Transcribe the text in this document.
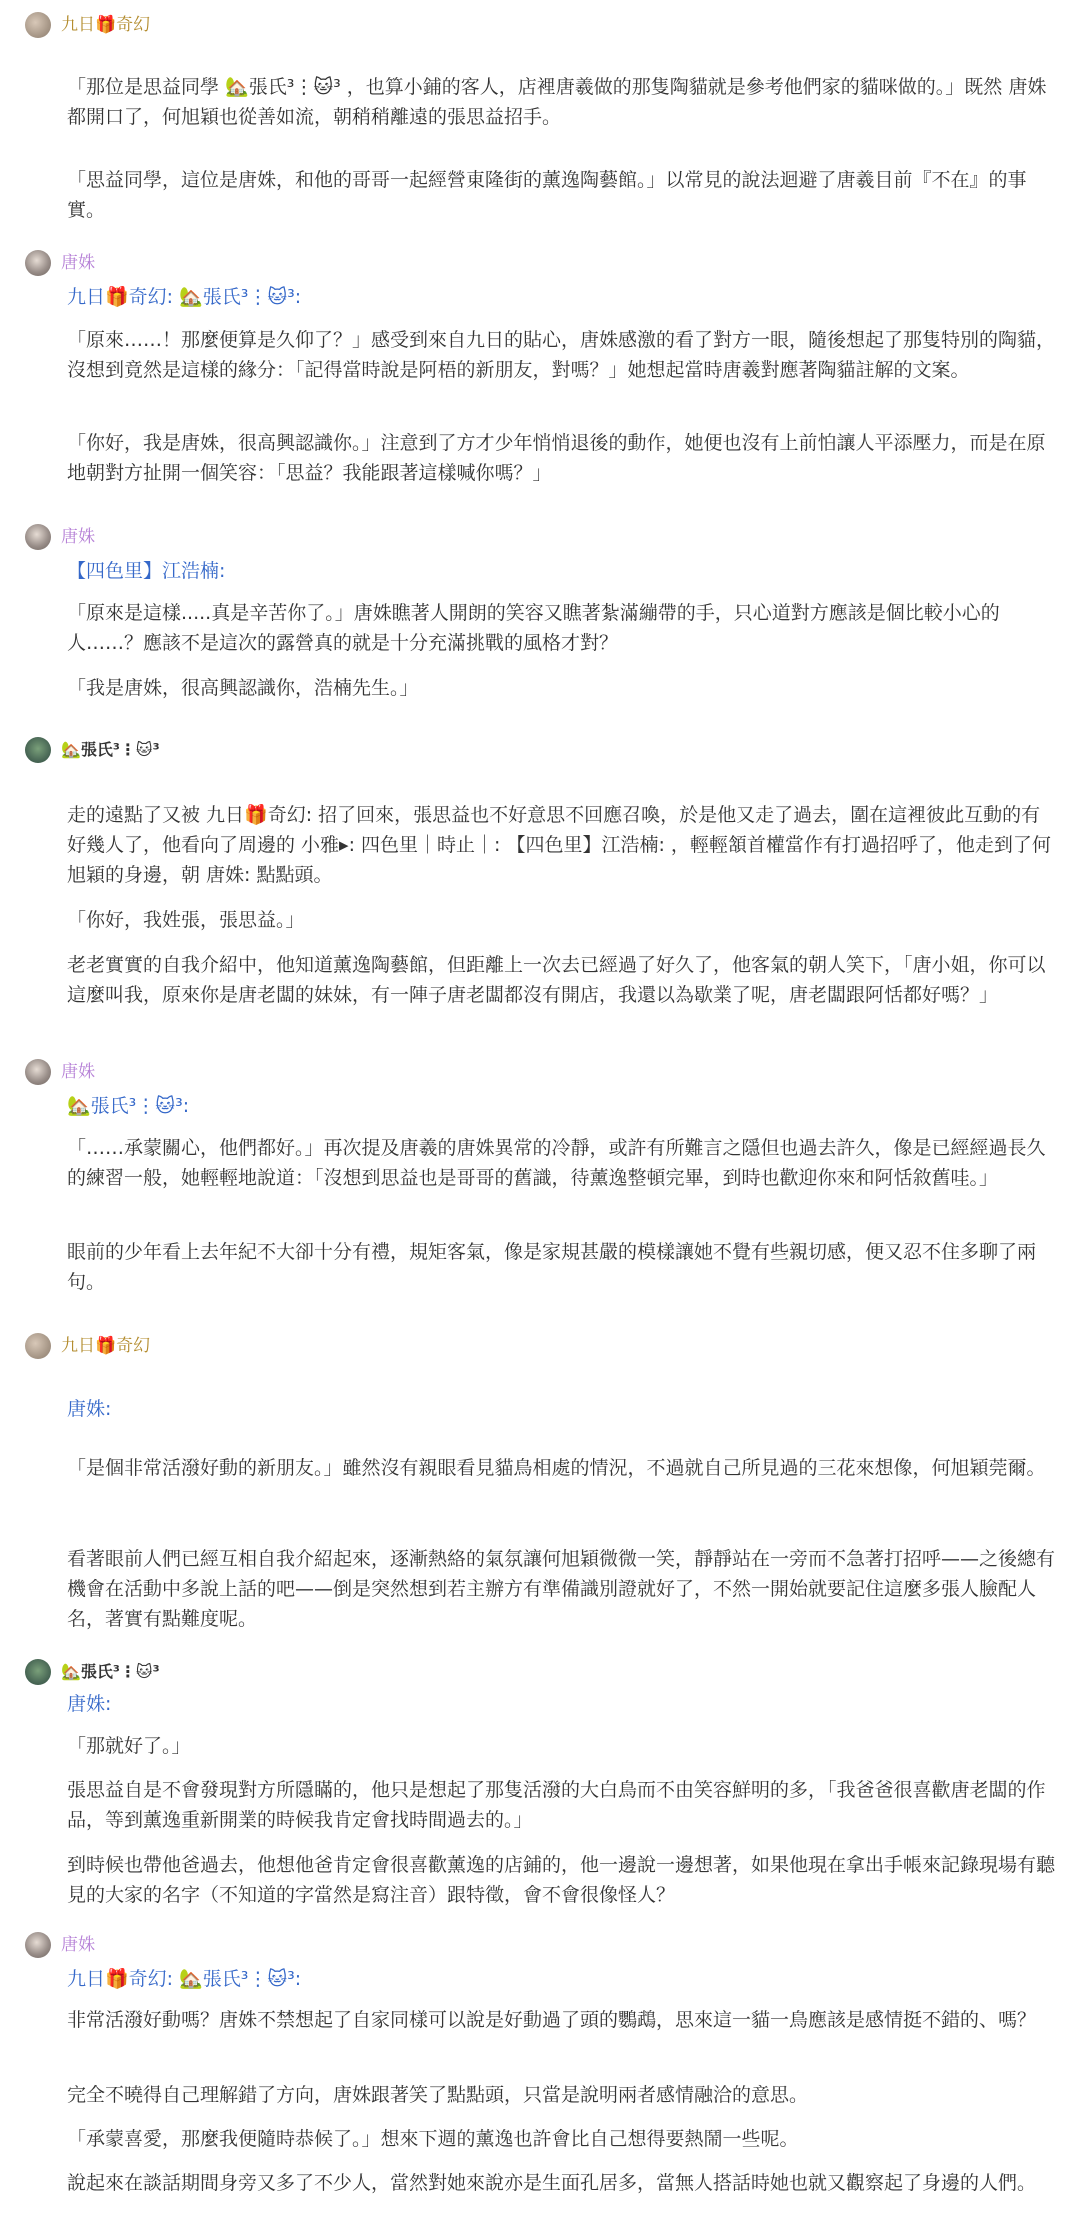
九日🎁奇幻
「那位是思益同學 🏡張氏³⋮🐱³ ，也算小鋪的客人，店裡唐羲做的那隻陶貓就是參考他們家的貓咪做的。」既然 唐姝都開口了，何旭穎也從善如流，朝稍稍離遠的張思益招手。
「思益同學，這位是唐姝，和他的哥哥一起經營東隆街的薰逸陶藝館。」以常見的說法迴避了唐羲目前『不在』的事實。
唐姝
九日🎁奇幻: 🏡張氏³⋮🐱³:
「原來……！那麼便算是久仰了？」感受到來自九日的貼心，唐姝感激的看了對方一眼，隨後想起了那隻特別的陶貓，沒想到竟然是這樣的緣分：「記得當時說是阿梧的新朋友，對嗎？」她想起當時唐羲對應著陶貓註解的文案。
「你好，我是唐姝，很高興認識你。」注意到了方才少年悄悄退後的動作，她便也沒有上前怕讓人平添壓力，而是在原地朝對方扯開一個笑容：「思益？我能跟著這樣喊你嗎？」
唐姝
【四色里】江浩楠:
「原來是這樣.....真是辛苦你了。」唐姝瞧著人開朗的笑容又瞧著紮滿繃帶的手，只心道對方應該是個比較小心的人……？應該不是這次的露營真的就是十分充滿挑戰的風格才對？
「我是唐姝，很高興認識你，浩楠先生。」
🏡張氏³⋮🐱³
走的遠點了又被 九日🎁奇幻: 招了回來，張思益也不好意思不回應召喚，於是他又走了過去，圍在這裡彼此互動的有好幾人了，他看向了周邊的 小雅▸: 四色里｜時止｜: 【四色里】江浩楠: ，輕輕頷首權當作有打過招呼了，他走到了何旭穎的身邊，朝 唐姝: 點點頭。
「你好，我姓張，張思益。」
老老實實的自我介紹中，他知道薰逸陶藝館，但距離上一次去已經過了好久了，他客氣的朝人笑下，「唐小姐，你可以這麼叫我，原來你是唐老闆的妹妹，有一陣子唐老闆都沒有開店，我還以為歇業了呢，唐老闆跟阿恬都好嗎？」
唐姝
🏡張氏³⋮🐱³:
「……承蒙關心，他們都好。」再次提及唐羲的唐姝異常的冷靜，或許有所難言之隱但也過去許久，像是已經經過長久的練習一般，她輕輕地說道：「沒想到思益也是哥哥的舊識，待薰逸整頓完畢，到時也歡迎你來和阿恬敘舊哇。」
眼前的少年看上去年紀不大卻十分有禮，規矩客氣，像是家規甚嚴的模樣讓她不覺有些親切感，便又忍不住多聊了兩句。
九日🎁奇幻
唐姝:
「是個非常活潑好動的新朋友。」雖然沒有親眼看見貓鳥相處的情況，不過就自己所見過的三花來想像，何旭穎莞爾。
看著眼前人們已經互相自我介紹起來，逐漸熱絡的氣氛讓何旭穎微微一笑，靜靜站在一旁而不急著打招呼——之後總有機會在活動中多說上話的吧——倒是突然想到若主辦方有準備識別證就好了，不然一開始就要記住這麼多張人臉配人名，著實有點難度呢。
🏡張氏³⋮🐱³
唐姝:
「那就好了。」
張思益自是不會發現對方所隱瞞的，他只是想起了那隻活潑的大白鳥而不由笑容鮮明的多，「我爸爸很喜歡唐老闆的作品，等到薰逸重新開業的時候我肯定會找時間過去的。」
到時候也帶他爸過去，他想他爸肯定會很喜歡薰逸的店鋪的，他一邊說一邊想著，如果他現在拿出手帳來記錄現場有聽見的大家的名字（不知道的字當然是寫注音）跟特徵，會不會很像怪人？
唐姝
九日🎁奇幻: 🏡張氏³⋮🐱³:
非常活潑好動嗎？唐姝不禁想起了自家同樣可以說是好動過了頭的鸚鵡，思來這一貓一鳥應該是感情挺不錯的、嗎？
完全不曉得自己理解錯了方向，唐姝跟著笑了點點頭，只當是說明兩者感情融洽的意思。
「承蒙喜愛，那麼我便隨時恭候了。」想來下週的薰逸也許會比自己想得要熱鬧一些呢。
說起來在談話期間身旁又多了不少人，當然對她來說亦是生面孔居多，當無人搭話時她也就又觀察起了身邊的人們。
